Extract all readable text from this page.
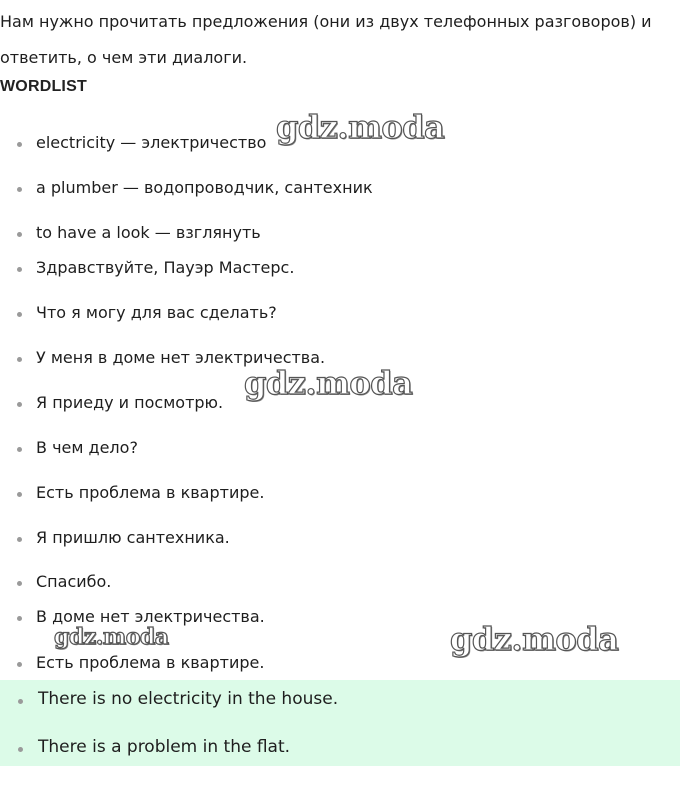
Нам нужно прочитать предложения (они из двух телефонных разговоров) и
ответить, о чем эти диалоги.

WORDLIST
electricity — электричество
a plumber — водопроводчик, сантехник
to have a look — взглянуть
Здравствуйте, Пауэр Мастерс.
Что я могу для вас сделать?
У меня в доме нет электричества.
Я приеду и посмотрю.
В чем дело?
Есть проблема в квартире.
Я пришлю сантехника.
Спасибо.
В доме нет электричества.
Есть проблема в квартире.
There is no electricity in the house.
There is a problem in the flat.
gdz.moda
gdz.moda
gdz.moda	gdz.moda
